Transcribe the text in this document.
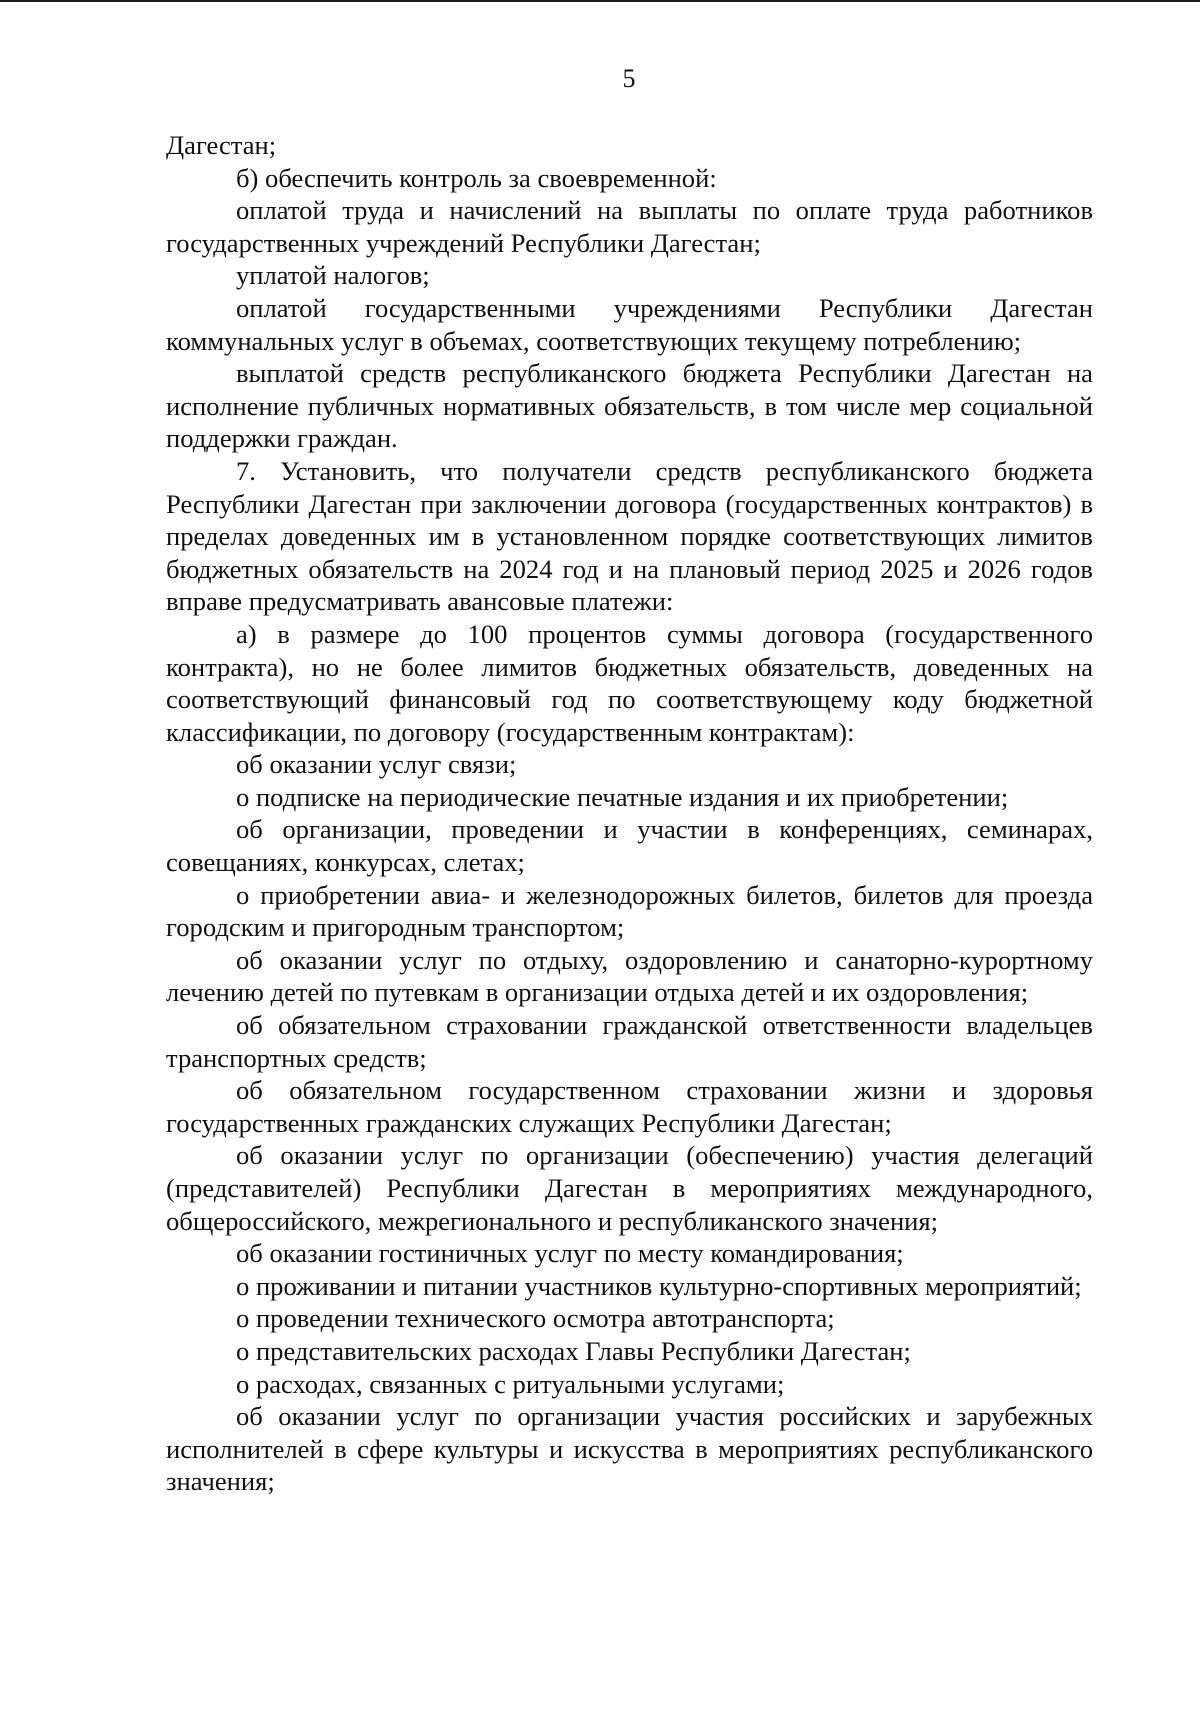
5

Дагестан;

б) обеспечить контроль за своевременной:

оплатой труда и начислений на выплаты по оплате труда работников государственных учреждений Республики Дагестан;

уплатой налогов;

оплатой государственными учреждениями Республики Дагестан коммунальных услуг в объемах, соответствующих текущему потреблению;

выплатой средств республиканского бюджета Республики Дагестан на исполнение публичных нормативных обязательств, в том числе мер социальной поддержки граждан.

7. Установить, что получатели средств республиканского бюджета Республики Дагестан при заключении договора (государственных контрактов) в пределах доведенных им в установленном порядке соответствующих лимитов бюджетных обязательств на 2024 год и на плановый период 2025 и 2026 годов вправе предусматривать авансовые платежи:

а) в размере до 100 процентов суммы договора (государственного контракта), но не более лимитов бюджетных обязательств, доведенных на соответствующий финансовый год по соответствующему коду бюджетной классификации, по договору (государственным контрактам):

об оказании услуг связи;

о подписке на периодические печатные издания и их приобретении;

об организации, проведении и участии в конференциях, семинарах, совещаниях, конкурсах, слетах;

о приобретении авиа- и железнодорожных билетов, билетов для проезда городским и пригородным транспортом;

об оказании услуг по отдыху, оздоровлению и санаторно-курортному лечению детей по путевкам в организации отдыха детей и их оздоровления;

об обязательном страховании гражданской ответственности владельцев транспортных средств;

об обязательном государственном страховании жизни и здоровья государственных гражданских служащих Республики Дагестан;

об оказании услуг по организации (обеспечению) участия делегаций (представителей) Республики Дагестан в мероприятиях международного, общероссийского, межрегионального и республиканского значения;

об оказании гостиничных услуг по месту командирования;

о проживании и питании участников культурно-спортивных мероприятий;

о проведении технического осмотра автотранспорта;

о представительских расходах Главы Республики Дагестан;

о расходах, связанных с ритуальными услугами;

об оказании услуг по организации участия российских и зарубежных исполнителей в сфере культуры и искусства в мероприятиях республиканского значения;
